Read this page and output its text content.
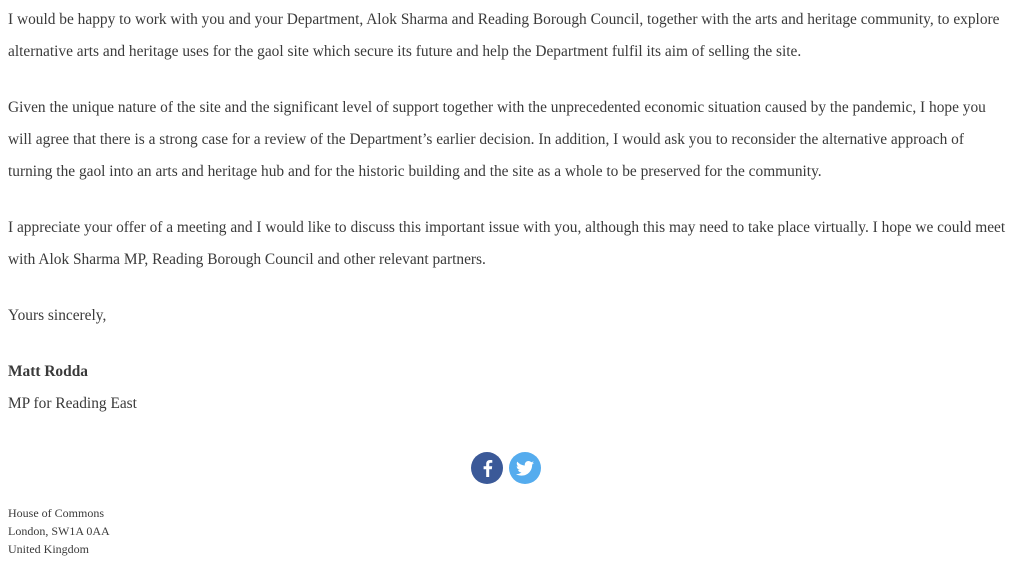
I would be happy to work with you and your Department, Alok Sharma and Reading Borough Council, together with the arts and heritage community, to explore alternative arts and heritage uses for the gaol site which secure its future and help the Department fulfil its aim of selling the site.

Given the unique nature of the site and the significant level of support together with the unprecedented economic situation caused by the pandemic, I hope you will agree that there is a strong case for a review of the Department’s earlier decision. In addition, I would ask you to reconsider the alternative approach of turning the gaol into an arts and heritage hub and for the historic building and the site as a whole to be preserved for the community.

I appreciate your offer of a meeting and I would like to discuss this important issue with you, although this may need to take place virtually. I hope we could meet with Alok Sharma MP, Reading Borough Council and other relevant partners.

Yours sincerely,

Matt Rodda

MP for Reading East

House of Commons
London, SW1A 0AA
United Kingdom
